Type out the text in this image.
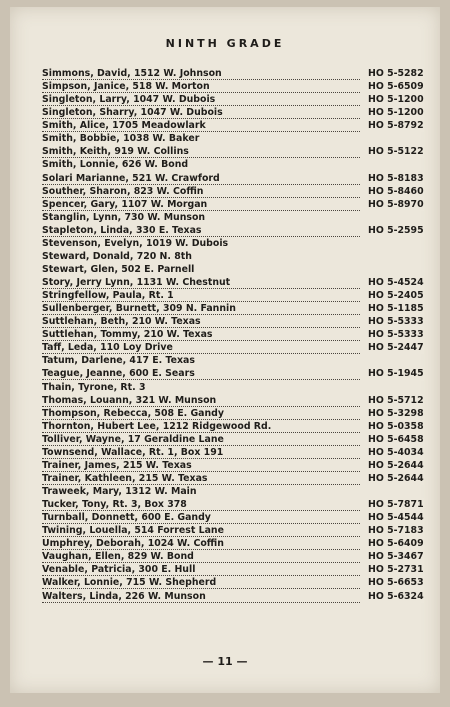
NINTH GRADE
Simmons, David, 1512 W. Johnson	HO 5-5282
Simpson, Janice, 518 W. Morton	HO 5-6509
Singleton, Larry, 1047 W. Dubois	HO 5-1200
Singleton, Sharry, 1047 W. Dubois	HO 5-1200
Smith, Alice, 1705 Meadowlark	HO 5-8792
Smith, Bobbie, 1038 W. Baker
Smith, Keith, 919 W. Collins	HO 5-5122
Smith, Lonnie, 626 W. Bond
Solari Marianne, 521 W. Crawford	HO 5-8183
Souther, Sharon, 823 W. Coffin	HO 5-8460
Spencer, Gary, 1107 W. Morgan	HO 5-8970
Stanglin, Lynn, 730 W. Munson
Stapleton, Linda, 330 E. Texas	HO 5-2595
Stevenson, Evelyn, 1019 W. Dubois
Steward, Donald, 720 N. 8th
Stewart, Glen, 502 E. Parnell
Story, Jerry Lynn, 1131 W. Chestnut	HO 5-4524
Stringfellow, Paula, Rt. 1	HO 5-2405
Sullenberger, Burnett, 309 N. Fannin	HO 5-1185
Suttlehan, Beth, 210 W. Texas	HO 5-5333
Suttlehan, Tommy, 210 W. Texas	HO 5-5333
Taff, Leda, 110 Loy Drive	HO 5-2447
Tatum, Darlene, 417 E. Texas
Teague, Jeanne, 600 E. Sears	HO 5-1945
Thain, Tyrone, Rt. 3
Thomas, Louann, 321 W. Munson	HO 5-5712
Thompson, Rebecca, 508 E. Gandy	HO 5-3298
Thornton, Hubert Lee, 1212 Ridgewood Rd.	HO 5-0358
Tolliver, Wayne, 17 Geraldine Lane	HO 5-6458
Townsend, Wallace, Rt. 1, Box 191	HO 5-4034
Trainer, James, 215 W. Texas	HO 5-2644
Trainer, Kathleen, 215 W. Texas	HO 5-2644
Traweek, Mary, 1312 W. Main
Tucker, Tony, Rt. 3, Box 378	HO 5-7871
Turnball, Donnett, 600 E. Gandy	HO 5-4544
Twining, Louella, 514 Forrest Lane	HO 5-7183
Umphrey, Deborah, 1024 W. Coffin	HO 5-6409
Vaughan, Ellen, 829 W. Bond	HO 5-3467
Venable, Patricia, 300 E. Hull	HO 5-2731
Walker, Lonnie, 715 W. Shepherd	HO 5-6653
Walters, Linda, 226 W. Munson	HO 5-6324
— 11 —
